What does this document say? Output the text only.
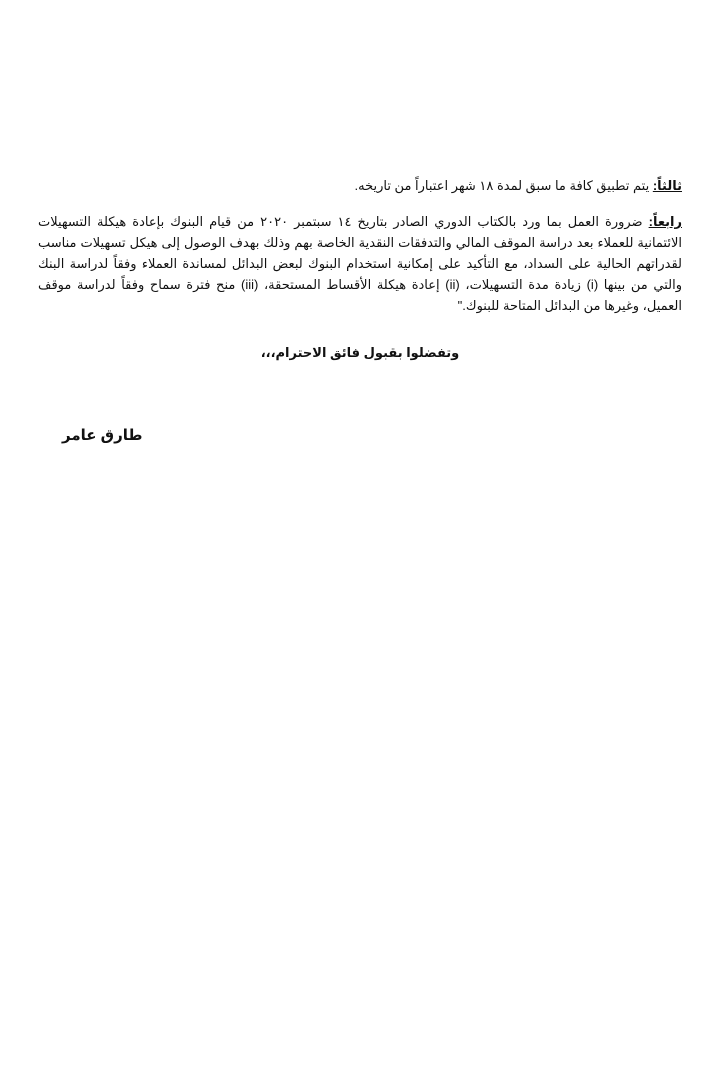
ثالثاً: يتم تطبيق كافة ما سبق لمدة ١٨ شهر اعتباراً من تاريخه.

رابعاً: ضرورة العمل بما ورد بالكتاب الدوري الصادر بتاريخ ١٤ سبتمبر ٢٠٢٠ من قيام البنوك بإعادة هيكلة التسهيلات الائتمانية للعملاء بعد دراسة الموقف المالي والتدفقات النقدية الخاصة بهم وذلك بهدف الوصول إلى هيكل تسهيلات مناسب لقدراتهم الحالية على السداد، مع التأكيد على إمكانية استخدام البنوك لبعض البدائل لمساندة العملاء وفقاً لدراسة البنك والتي من بينها (i) زيادة مدة التسهيلات، (ii) إعادة هيكلة الأقساط المستحقة، (iii) منح فترة سماح وفقاً لدراسة موقف العميل، وغيرها من البدائل المتاحة للبنوك."

وتفضلوا بقبول فائق الاحترام،،،
طارق عامر
